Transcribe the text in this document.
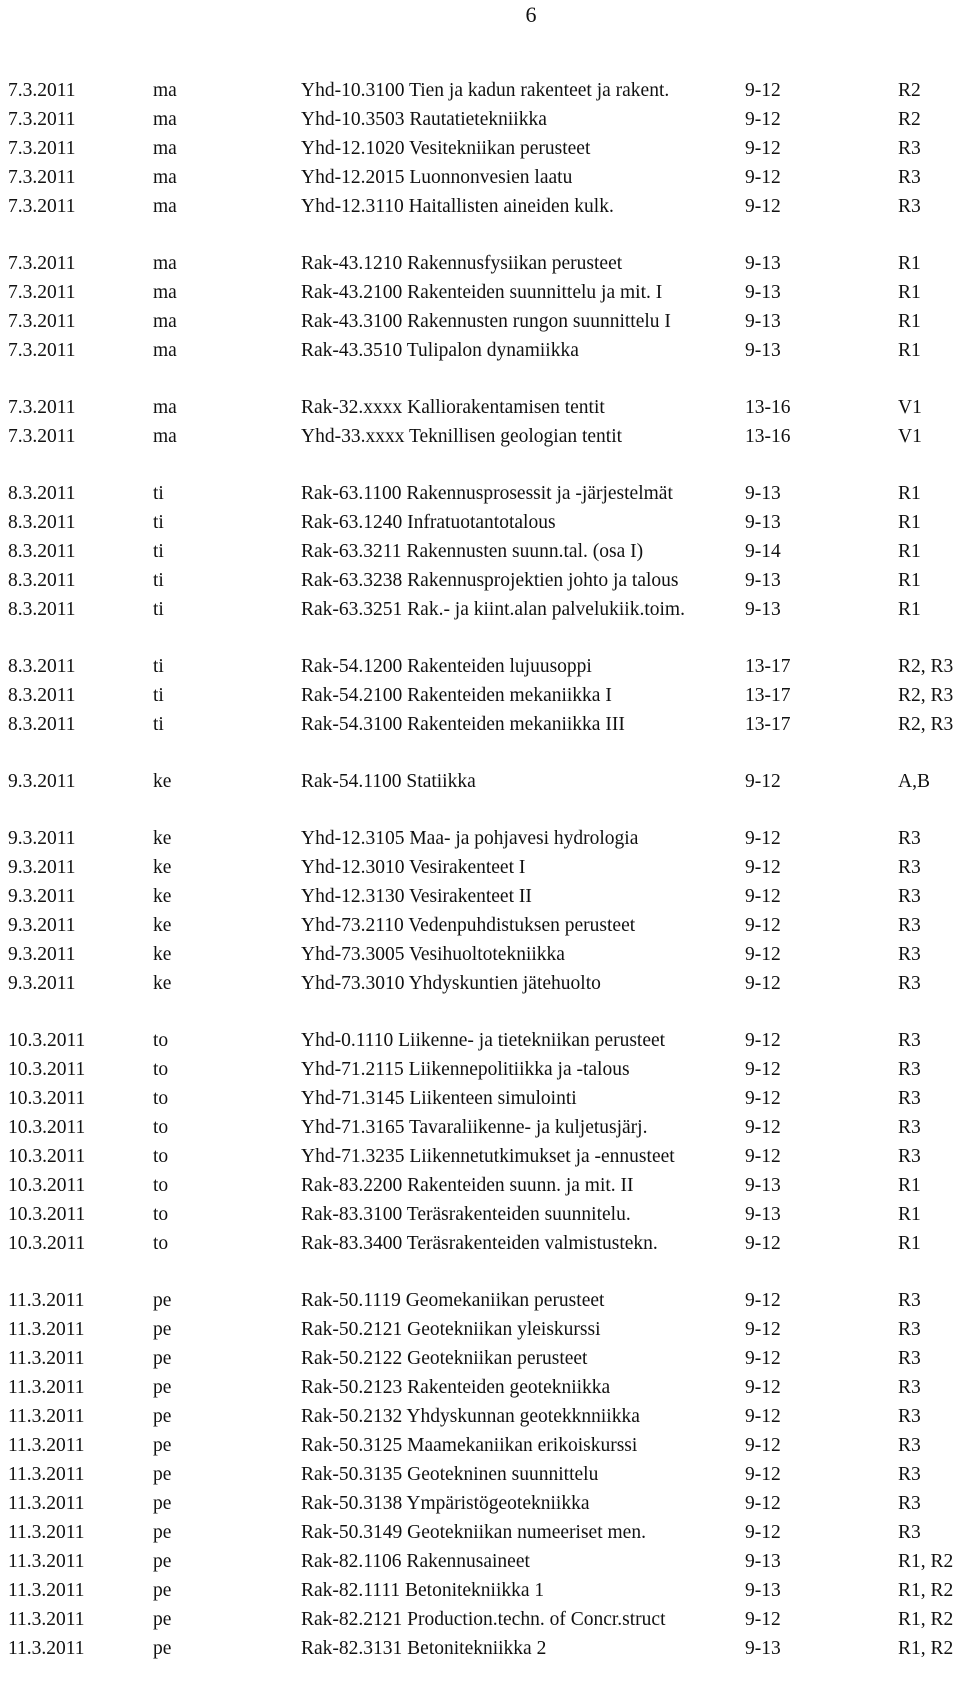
6
7.3.2011	ma	Yhd-10.3100 Tien ja kadun rakenteet ja rakent.	9-12	R2
7.3.2011	ma	Yhd-10.3503 Rautatietekniikka	9-12	R2
7.3.2011	ma	Yhd-12.1020 Vesitekniikan perusteet	9-12	R3
7.3.2011	ma	Yhd-12.2015 Luonnonvesien laatu	9-12	R3
7.3.2011	ma	Yhd-12.3110 Haitallisten aineiden kulk.	9-12	R3
7.3.2011	ma	Rak-43.1210 Rakennusfysiikan perusteet	9-13	R1
7.3.2011	ma	Rak-43.2100 Rakenteiden suunnittelu ja mit. I	9-13	R1
7.3.2011	ma	Rak-43.3100 Rakennusten rungon suunnittelu I	9-13	R1
7.3.2011	ma	Rak-43.3510 Tulipalon dynamiikka	9-13	R1
7.3.2011	ma	Rak-32.xxxx Kalliorakentamisen tentit	13-16	V1
7.3.2011	ma	Yhd-33.xxxx Teknillisen geologian tentit	13-16	V1
8.3.2011	ti	Rak-63.1100 Rakennusprosessit ja -järjestelmät	9-13	R1
8.3.2011	ti	Rak-63.1240 Infratuotantotalous	9-13	R1
8.3.2011	ti	Rak-63.3211 Rakennusten suunn.tal. (osa I)	9-14	R1
8.3.2011	ti	Rak-63.3238 Rakennusprojektien johto ja talous	9-13	R1
8.3.2011	ti	Rak-63.3251 Rak.- ja kiint.alan palvelukiik.toim.	9-13	R1
8.3.2011	ti	Rak-54.1200 Rakenteiden lujuusoppi	13-17	R2, R3
8.3.2011	ti	Rak-54.2100 Rakenteiden mekaniikka I	13-17	R2, R3
8.3.2011	ti	Rak-54.3100 Rakenteiden mekaniikka III	13-17	R2, R3
9.3.2011	ke	Rak-54.1100 Statiikka	9-12	A,B
9.3.2011	ke	Yhd-12.3105 Maa- ja pohjavesi hydrologia	9-12	R3
9.3.2011	ke	Yhd-12.3010 Vesirakenteet I	9-12	R3
9.3.2011	ke	Yhd-12.3130 Vesirakenteet II	9-12	R3
9.3.2011	ke	Yhd-73.2110 Vedenpuhdistuksen perusteet	9-12	R3
9.3.2011	ke	Yhd-73.3005 Vesihuoltotekniikka	9-12	R3
9.3.2011	ke	Yhd-73.3010 Yhdyskuntien jätehuolto	9-12	R3
10.3.2011	to	Yhd-0.1110 Liikenne- ja tietekniikan perusteet	9-12	R3
10.3.2011	to	Yhd-71.2115 Liikennepolitiikka ja -talous	9-12	R3
10.3.2011	to	Yhd-71.3145 Liikenteen simulointi	9-12	R3
10.3.2011	to	Yhd-71.3165 Tavaraliikenne- ja kuljetusjärj.	9-12	R3
10.3.2011	to	Yhd-71.3235 Liikennetutkimukset ja -ennusteet	9-12	R3
10.3.2011	to	Rak-83.2200 Rakenteiden suunn. ja mit. II	9-13	R1
10.3.2011	to	Rak-83.3100 Teräsrakenteiden suunnitelu.	9-13	R1
10.3.2011	to	Rak-83.3400 Teräsrakenteiden valmistustekn.	9-12	R1
11.3.2011	pe	Rak-50.1119 Geomekaniikan perusteet	9-12	R3
11.3.2011	pe	Rak-50.2121 Geotekniikan yleiskurssi	9-12	R3
11.3.2011	pe	Rak-50.2122 Geotekniikan perusteet	9-12	R3
11.3.2011	pe	Rak-50.2123 Rakenteiden geotekniikka	9-12	R3
11.3.2011	pe	Rak-50.2132 Yhdyskunnan geotekknniikka	9-12	R3
11.3.2011	pe	Rak-50.3125 Maamekaniikan erikoiskurssi	9-12	R3
11.3.2011	pe	Rak-50.3135 Geotekninen suunnittelu	9-12	R3
11.3.2011	pe	Rak-50.3138 Ympäristögeotekniikka	9-12	R3
11.3.2011	pe	Rak-50.3149 Geotekniikan numeeriset men.	9-12	R3
11.3.2011	pe	Rak-82.1106 Rakennusaineet	9-13	R1, R2
11.3.2011	pe	Rak-82.1111 Betonitekniikka 1	9-13	R1, R2
11.3.2011	pe	Rak-82.2121 Production.techn. of Concr.struct	9-12	R1, R2
11.3.2011	pe	Rak-82.3131 Betonitekniikka 2	9-13	R1, R2
